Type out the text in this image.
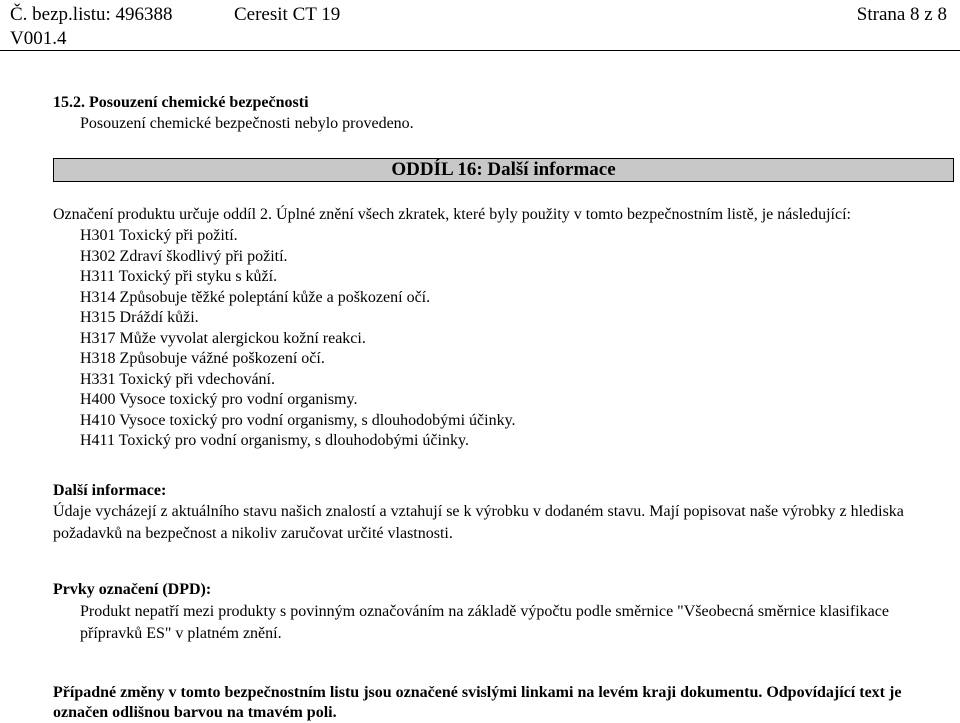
Č. bezp.listu: 496388	Ceresit CT 19	Strana 8 z 8
V001.4
15.2. Posouzení chemické bezpečnosti
Posouzení chemické bezpečnosti nebylo provedeno.
ODDÍL 16: Další informace
Označení produktu určuje oddíl 2. Úplné znění všech zkratek, které byly použity v tomto bezpečnostním listě, je následující:
H301 Toxický při požití.
H302 Zdraví škodlivý při požití.
H311 Toxický při styku s kůží.
H314 Způsobuje těžké poleptání kůže a poškození očí.
H315 Dráždí kůži.
H317 Může vyvolat alergickou kožní reakci.
H318 Způsobuje vážné poškození očí.
H331 Toxický při vdechování.
H400 Vysoce toxický pro vodní organismy.
H410 Vysoce toxický pro vodní organismy, s dlouhodobými účinky.
H411 Toxický pro vodní organismy, s dlouhodobými účinky.
Další informace:
Údaje vycházejí z aktuálního stavu našich znalostí a vztahují se k výrobku v dodaném stavu. Mají popisovat naše výrobky z hlediska požadavků na bezpečnost a nikoliv zaručovat určité vlastnosti.
Prvky označení (DPD):
Produkt nepatří mezi produkty s povinným označováním na základě výpočtu podle směrnice "Všeobecná směrnice klasifikace přípravků ES" v platném znění.
Případné změny v tomto bezpečnostním listu jsou označené svislými linkami na levém kraji dokumentu. Odpovídající text je označen odlišnou barvou na tmavém poli.
